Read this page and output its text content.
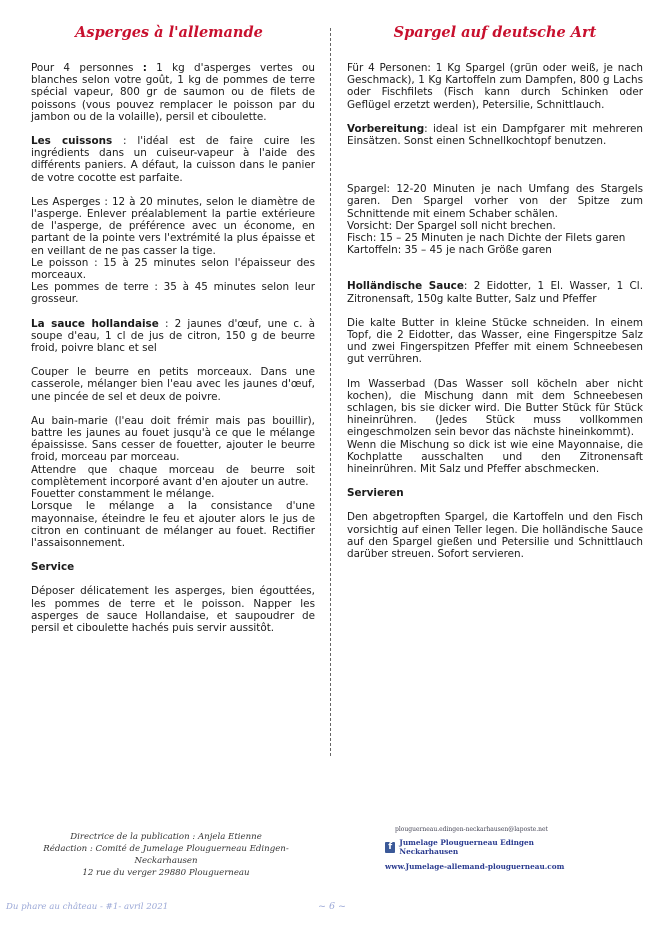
Asperges à l'allemande

Pour 4 personnes : 1 kg d'asperges vertes ou blanches selon votre goût, 1 kg de pommes de terre spécial vapeur, 800 gr de saumon ou de filets de poissons (vous pouvez remplacer le poisson par du jambon ou de la volaille), persil et ciboulette.

Les cuissons : l'idéal est de faire cuire les ingrédients dans un cuiseur-vapeur à l'aide des différents paniers. A défaut, la cuisson dans le panier de votre cocotte est parfaite.

Les Asperges : 12 à 20 minutes, selon le diamètre de l'asperge. Enlever préalablement la partie extérieure de l'asperge, de préférence avec un économe, en partant de la pointe vers l'extrémité la plus épaisse et en veillant de ne pas casser la tige.

Le poisson : 15 à 25 minutes selon l'épaisseur des morceaux.

Les pommes de terre : 35 à 45 minutes selon leur grosseur.

La sauce hollandaise : 2 jaunes d'œuf, une c. à soupe d'eau, 1 cl de jus de citron, 150 g de beurre froid, poivre blanc et sel

Couper le beurre en petits morceaux. Dans une casserole, mélanger bien l'eau avec les jaunes d'œuf, une pincée de sel et deux de poivre.

Au bain-marie (l'eau doit frémir mais pas bouillir), battre les jaunes au fouet jusqu'à ce que le mélange épaississe. Sans cesser de fouetter, ajouter le beurre froid, morceau par morceau.

Attendre que chaque morceau de beurre soit complètement incorporé avant d'en ajouter un autre.

Fouetter constamment le mélange.

Lorsque le mélange a la consistance d'une mayonnaise, éteindre le feu et ajouter alors le jus de citron en continuant de mélanger au fouet. Rectifier l'assaisonnement.

Service

Déposer délicatement les asperges, bien égouttées, les pommes de terre et le poisson. Napper les asperges de sauce Hollandaise, et saupoudrer de persil et ciboulette hachés puis servir aussitôt.

Spargel auf deutsche Art

Für 4 Personen: 1 Kg Spargel (grün oder weiß, je nach Geschmack), 1 Kg Kartoffeln zum Dampfen, 800 g Lachs oder Fischfilets (Fisch kann durch Schinken oder Geflügel erzetzt werden), Petersilie, Schnittlauch.

Vorbereitung: ideal ist ein Dampfgarer mit mehreren Einsätzen. Sonst einen Schnellkochtopf benutzen.

Spargel: 12-20 Minuten je nach Umfang des Stargels garen. Den Spargel vorher von der Spitze zum Schnittende mit einem Schaber schälen.

Vorsicht: Der Spargel soll nicht brechen.

Fisch: 15 – 25 Minuten je nach Dichte der Filets garen

Kartoffeln: 35 – 45 je nach Größe garen

Holländische Sauce: 2 Eidotter, 1 El. Wasser, 1 Cl. Zitronensaft, 150g kalte Butter, Salz und Pfeffer

Die kalte Butter in kleine Stücke schneiden. In einem Topf, die 2 Eidotter, das Wasser, eine Fingerspitze Salz und zwei Fingerspitzen Pfeffer mit einem Schneebesen gut verrühren.

Im Wasserbad (Das Wasser soll köcheln aber nicht kochen), die Mischung dann mit dem Schneebesen schlagen, bis sie dicker wird. Die Butter Stück für Stück hineinrühren. (Jedes Stück muss vollkommen eingeschmolzen sein bevor das nächste hineinkommt).

Wenn die Mischung so dick ist wie eine Mayonnaise, die Kochplatte ausschalten und den Zitronensaft hineinrühren. Mit Salz und Pfeffer abschmecken.

Servieren

Den abgetropften Spargel, die Kartoffeln und den Fisch vorsichtig auf einen Teller legen. Die holländische Sauce auf den Spargel gießen und Petersilie und Schnittlauch darüber streuen. Sofort servieren.

Directrice de la publication : Anjela Etienne
Rédaction : Comité de Jumelage Plouguerneau Edingen-Neckarhausen
12 rue du verger 29880 Plouguerneau
plouguerneau.edingen-neckarhausen@laposte.net
f Jumelage Plouguerneau Edingen Neckarhausen
www.Jumelage-allemand-plouguerneau.com
Du phare au château - #1- avril 2021	~ 6 ~
